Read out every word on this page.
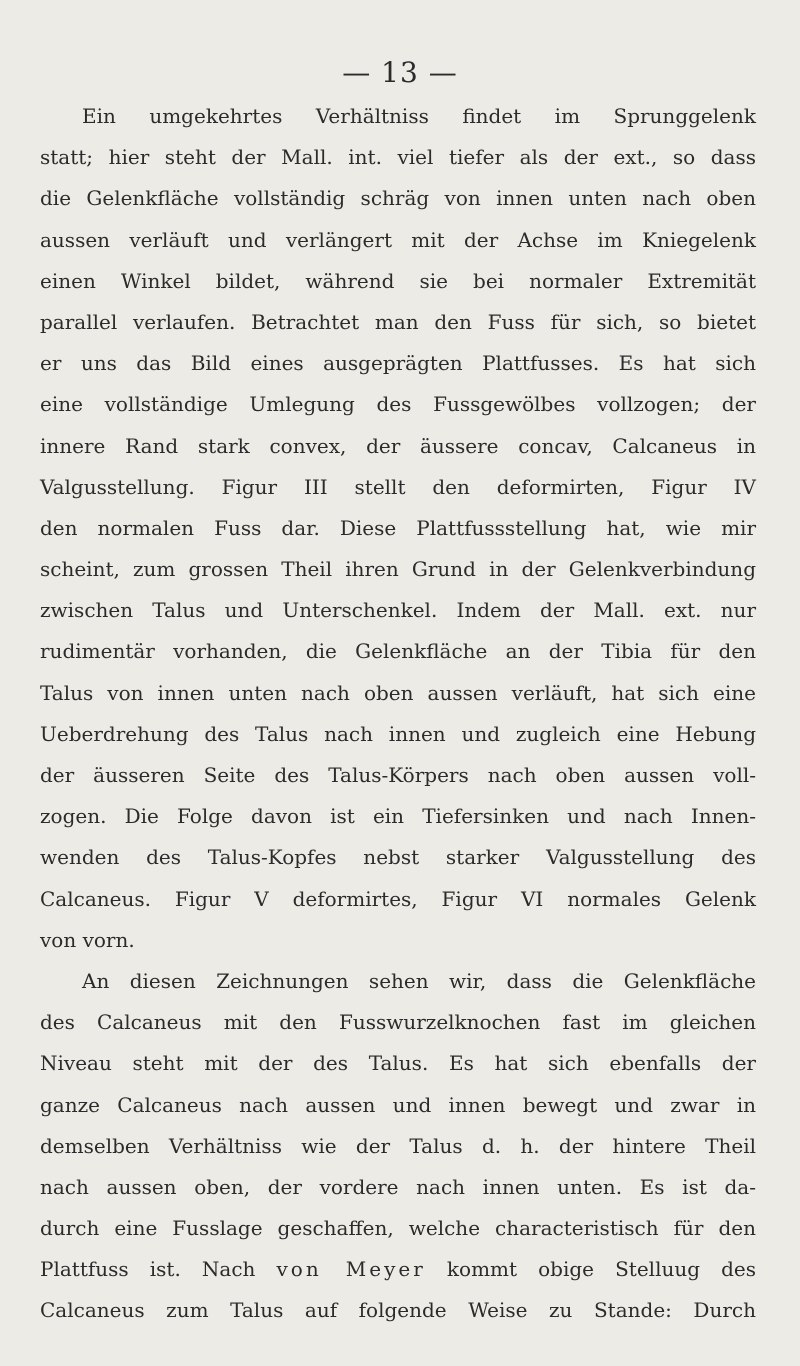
— 13 —
Ein umgekehrtes Verhältniss findet im Sprunggelenk
statt; hier steht der Mall. int. viel tiefer als der ext., so dass
die Gelenkfläche vollständig schräg von innen unten nach oben
aussen verläuft und verlängert mit der Achse im Kniegelenk
einen Winkel bildet, während sie bei normaler Extremität
parallel verlaufen. Betrachtet man den Fuss für sich, so bietet
er uns das Bild eines ausgeprägten Plattfusses. Es hat sich
eine vollständige Umlegung des Fussgewölbes vollzogen; der
innere Rand stark convex, der äussere concav, Calcaneus in
Valgusstellung. Figur III stellt den deformirten, Figur IV
den normalen Fuss dar. Diese Plattfussstellung hat, wie mir
scheint, zum grossen Theil ihren Grund in der Gelenkverbindung
zwischen Talus und Unterschenkel. Indem der Mall. ext. nur
rudimentär vorhanden, die Gelenkfläche an der Tibia für den
Talus von innen unten nach oben aussen verläuft, hat sich eine
Ueberdrehung des Talus nach innen und zugleich eine Hebung
der äusseren Seite des Talus-Körpers nach oben aussen voll-
zogen. Die Folge davon ist ein Tiefersinken und nach Innen-
wenden des Talus-Kopfes nebst starker Valgusstellung des
Calcaneus. Figur V deformirtes, Figur VI normales Gelenk
von vorn.
An diesen Zeichnungen sehen wir, dass die Gelenkfläche
des Calcaneus mit den Fusswurzelknochen fast im gleichen
Niveau steht mit der des Talus. Es hat sich ebenfalls der
ganze Calcaneus nach aussen und innen bewegt und zwar in
demselben Verhältniss wie der Talus d. h. der hintere Theil
nach aussen oben, der vordere nach innen unten. Es ist da-
durch eine Fusslage geschaffen, welche characteristisch für den
Plattfuss ist. Nach von Meyer kommt obige Stelluug des
Calcaneus zum Talus auf folgende Weise zu Stande: Durch
